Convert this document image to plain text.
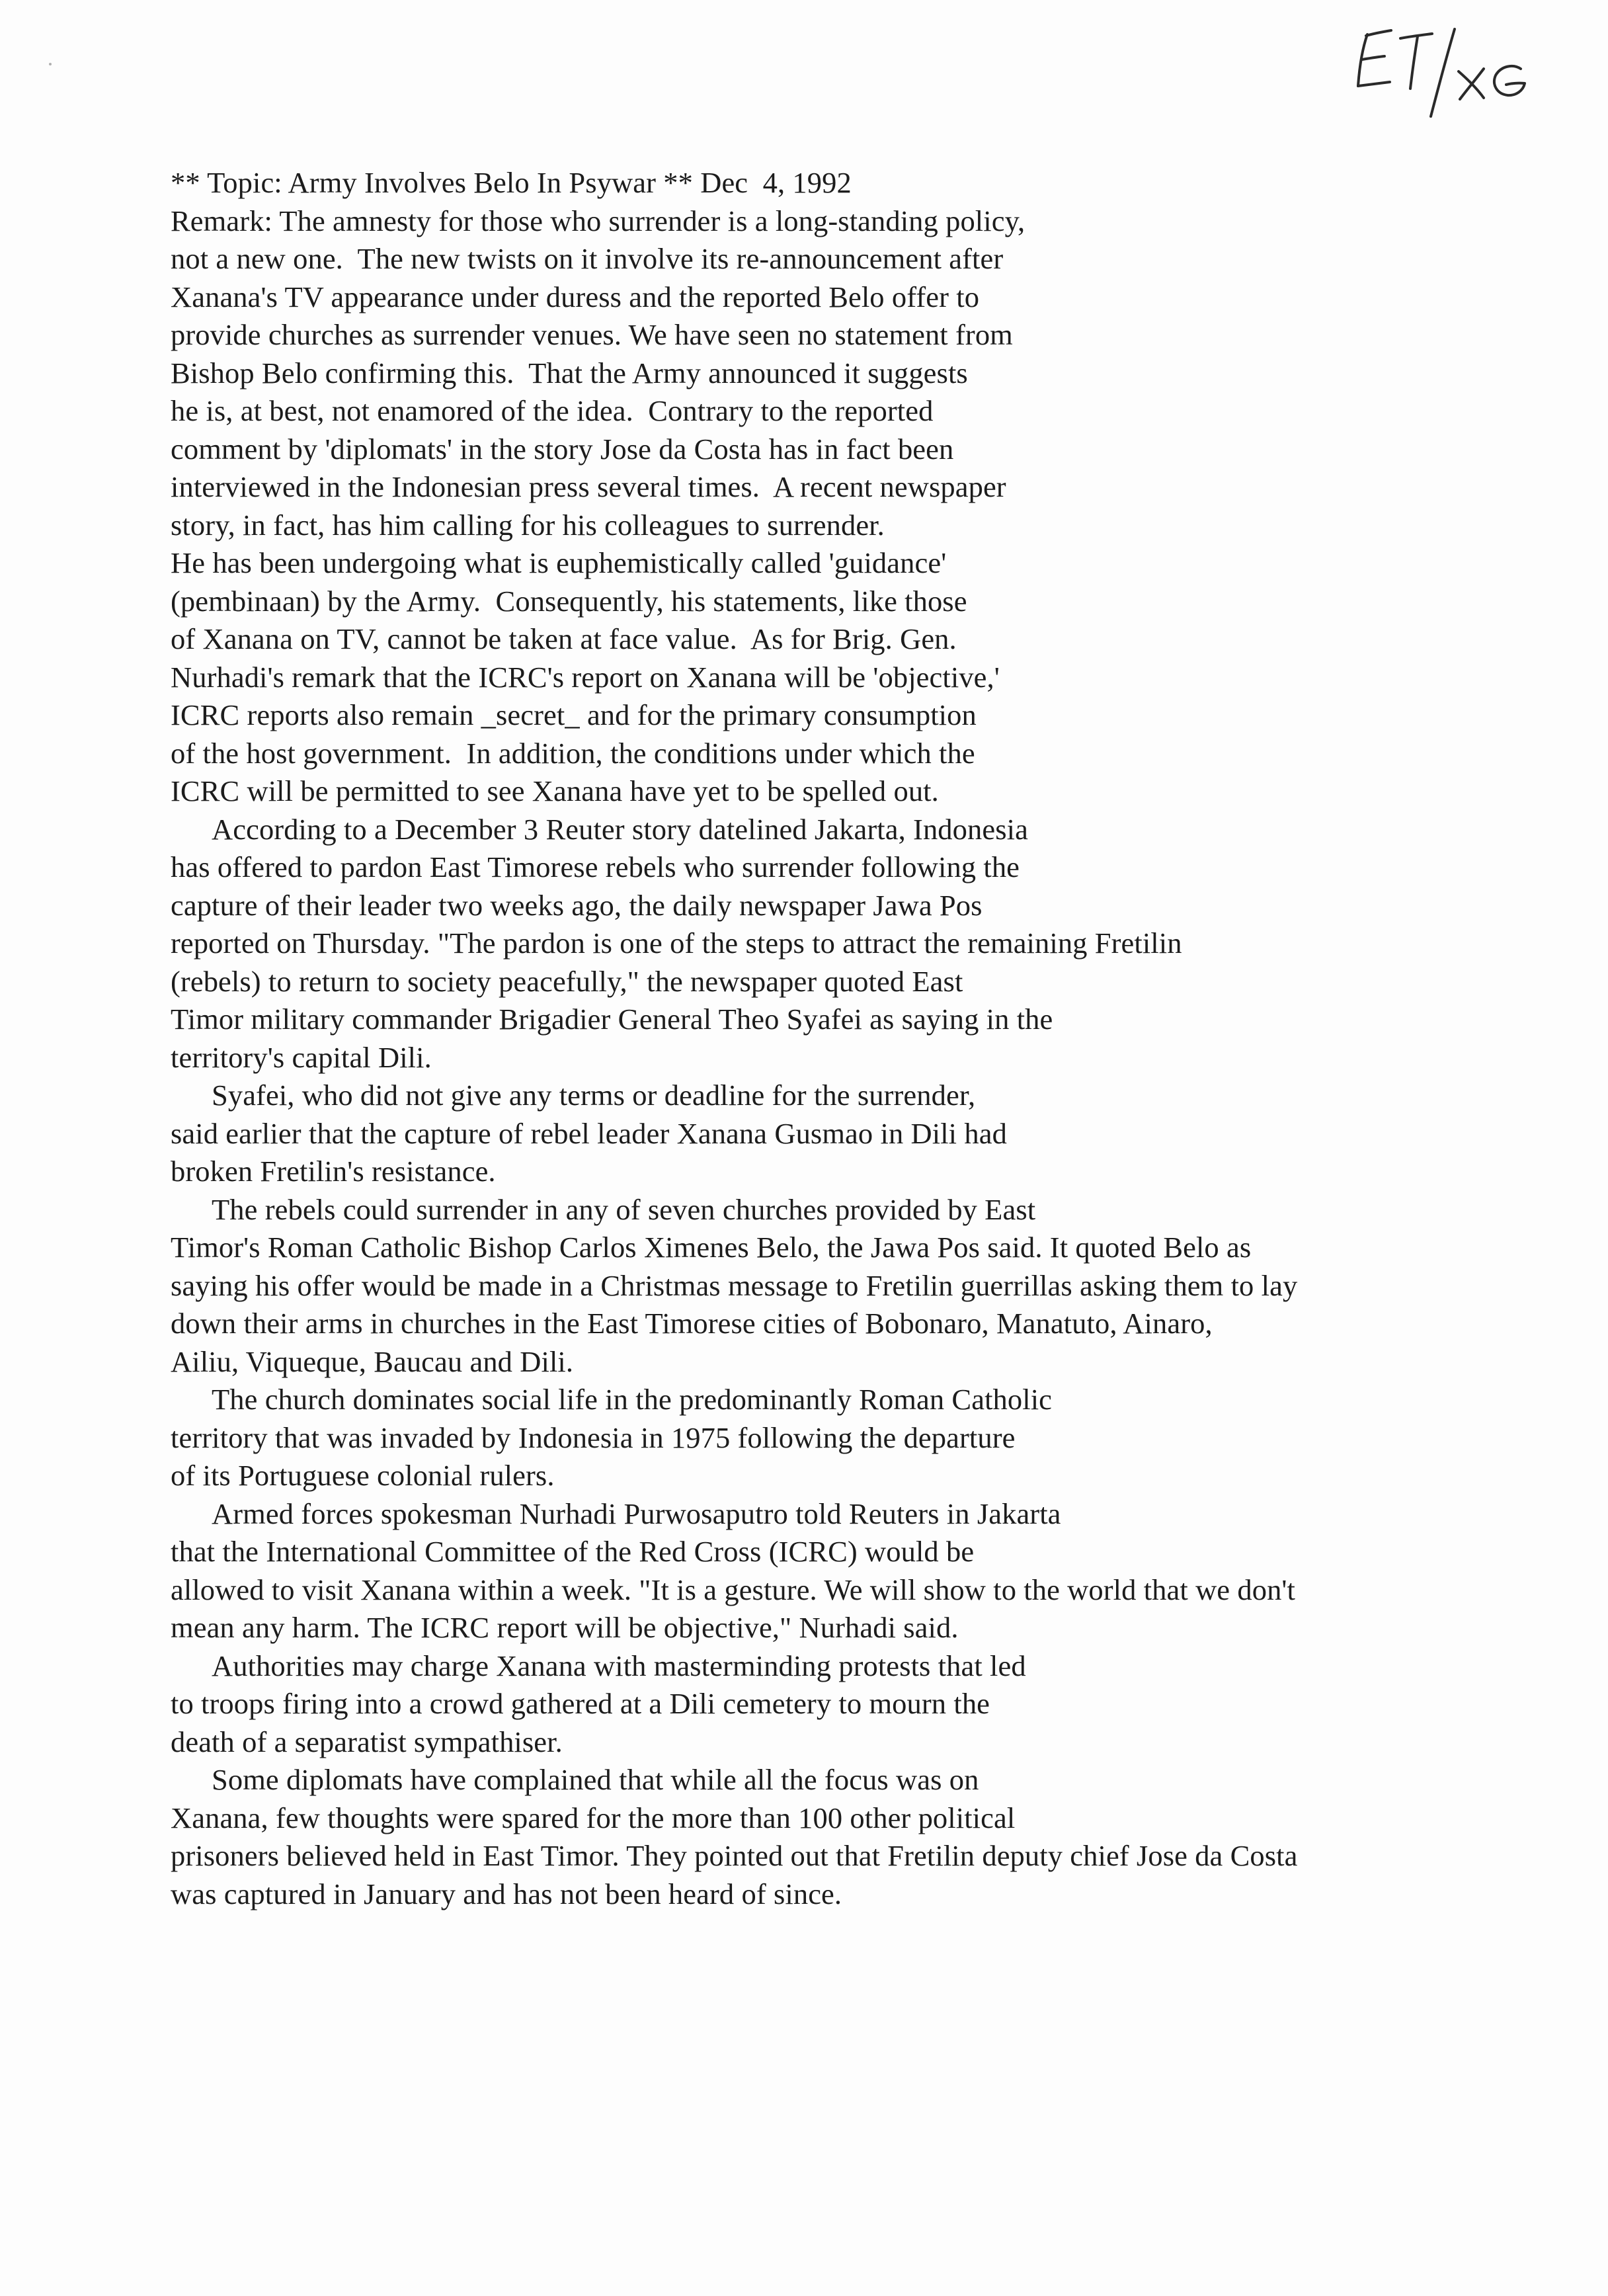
** Topic: Army Involves Belo In Psywar ** Dec  4, 1992
Remark: The amnesty for those who surrender is a long-standing policy,
not a new one.  The new twists on it involve its re-announcement after
Xanana's TV appearance under duress and the reported Belo offer to
provide churches as surrender venues. We have seen no statement from
Bishop Belo confirming this.  That the Army announced it suggests
he is, at best, not enamored of the idea.  Contrary to the reported
comment by 'diplomats' in the story Jose da Costa has in fact been
interviewed in the Indonesian press several times.  A recent newspaper
story, in fact, has him calling for his colleagues to surrender.
He has been undergoing what is euphemistically called 'guidance'
(pembinaan) by the Army.  Consequently, his statements, like those
of Xanana on TV, cannot be taken at face value.  As for Brig. Gen.
Nurhadi's remark that the ICRC's report on Xanana will be 'objective,'
ICRC reports also remain _secret_ and for the primary consumption
of the host government.  In addition, the conditions under which the
ICRC will be permitted to see Xanana have yet to be spelled out.
According to a December 3 Reuter story datelined Jakarta, Indonesia
has offered to pardon East Timorese rebels who surrender following the
capture of their leader two weeks ago, the daily newspaper Jawa Pos
reported on Thursday. "The pardon is one of the steps to attract the remaining Fretilin
(rebels) to return to society peacefully," the newspaper quoted East
Timor military commander Brigadier General Theo Syafei as saying in the
territory's capital Dili.
Syafei, who did not give any terms or deadline for the surrender,
said earlier that the capture of rebel leader Xanana Gusmao in Dili had
broken Fretilin's resistance.
The rebels could surrender in any of seven churches provided by East
Timor's Roman Catholic Bishop Carlos Ximenes Belo, the Jawa Pos said. It quoted Belo as
saying his offer would be made in a Christmas message to Fretilin guerrillas asking them to lay
down their arms in churches in the East Timorese cities of Bobonaro, Manatuto, Ainaro,
Ailiu, Viqueque, Baucau and Dili.
The church dominates social life in the predominantly Roman Catholic
territory that was invaded by Indonesia in 1975 following the departure
of its Portuguese colonial rulers.
Armed forces spokesman Nurhadi Purwosaputro told Reuters in Jakarta
that the International Committee of the Red Cross (ICRC) would be
allowed to visit Xanana within a week. "It is a gesture. We will show to the world that we don't
mean any harm. The ICRC report will be objective," Nurhadi said.
Authorities may charge Xanana with masterminding protests that led
to troops firing into a crowd gathered at a Dili cemetery to mourn the
death of a separatist sympathiser.
Some diplomats have complained that while all the focus was on
Xanana, few thoughts were spared for the more than 100 other political
prisoners believed held in East Timor. They pointed out that Fretilin deputy chief Jose da Costa
was captured in January and has not been heard of since.
